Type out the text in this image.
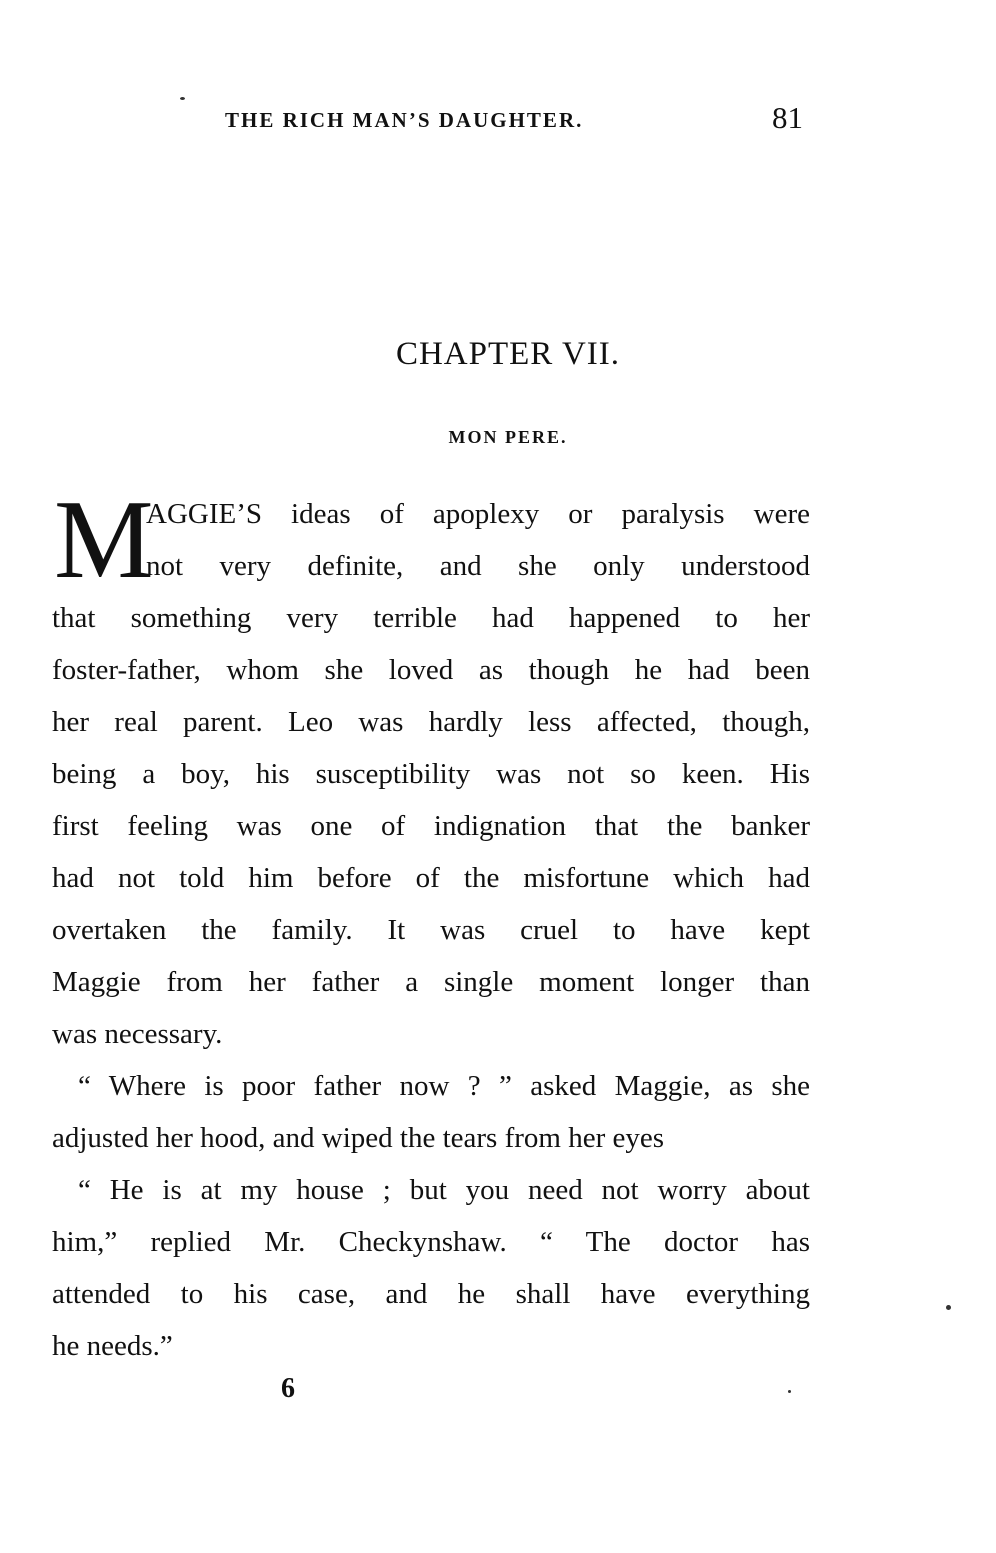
THE RICH MAN’S DAUGHTER.	81
CHAPTER VII.
MON PERE.
M
AGGIE’S ideas of apoplexy or paralysis were
not very definite, and she only understood
that something very terrible had happened to her
foster-father, whom she loved as though he had been
her real parent. Leo was hardly less affected, though,
being a boy, his susceptibility was not so keen. His
first feeling was one of indignation that the banker
had not told him before of the misfortune which had
overtaken the family. It was cruel to have kept
Maggie from her father a single moment longer than
was necessary.
“ Where is poor father now ? ” asked Maggie, as she
adjusted her hood, and wiped the tears from her eyes
“ He is at my house ; but you need not worry about
him,” replied Mr. Checkynshaw. “ The doctor has
attended to his case, and he shall have everything
he needs.”
6
